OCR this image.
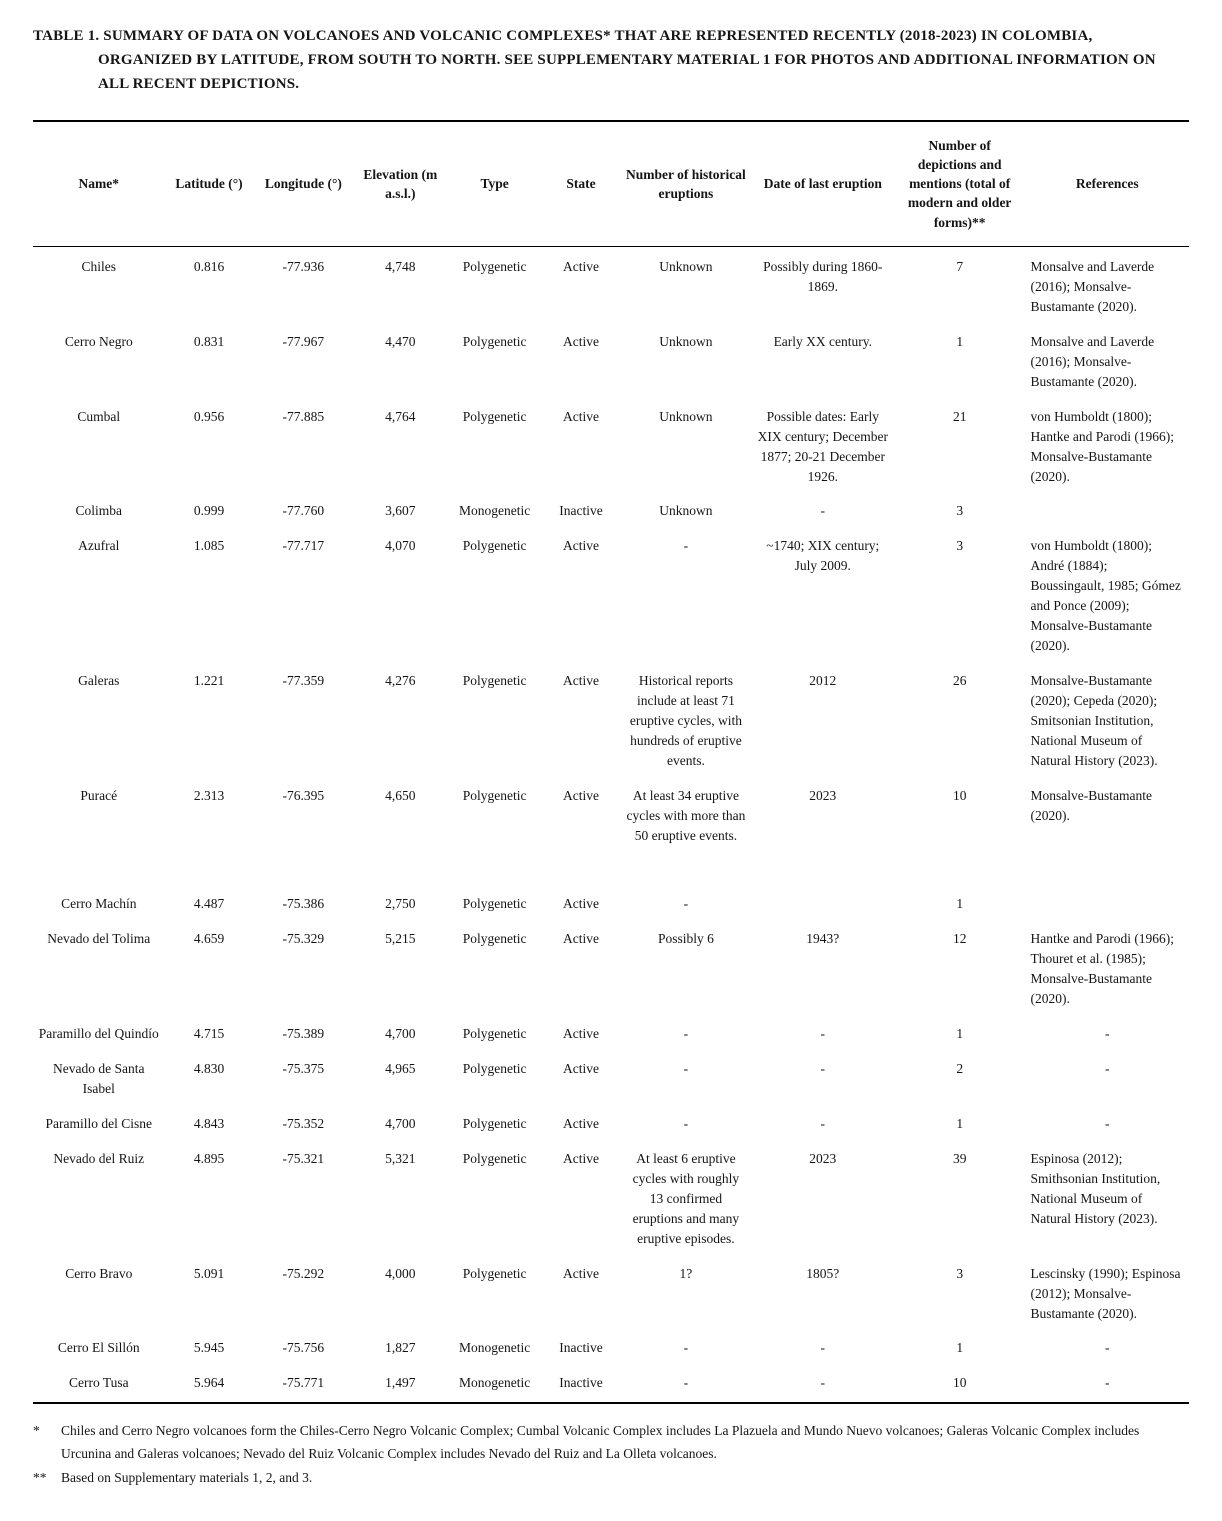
TABLE 1. SUMMARY OF DATA ON VOLCANOES AND VOLCANIC COMPLEXES* THAT ARE REPRESENTED RECENTLY (2018-2023) IN COLOMBIA, ORGANIZED BY LATITUDE, FROM SOUTH TO NORTH. SEE SUPPLEMENTARY MATERIAL 1 FOR PHOTOS AND ADDITIONAL INFORMATION ON ALL RECENT DEPICTIONS.
Name*	Latitude (°)	Longitude (°)	Elevation (m a.s.l.)	Type	State	Number of historical eruptions	Date of last eruption	Number of depictions and mentions (total of modern and older forms)**	References
Chiles	0.816	-77.936	4,748	Polygenetic	Active	Unknown	Possibly during 1860-1869.	7	Monsalve and Laverde (2016); Monsalve-Bustamante (2020).
Cerro Negro	0.831	-77.967	4,470	Polygenetic	Active	Unknown	Early XX century.	1	Monsalve and Laverde (2016); Monsalve-Bustamante (2020).
Cumbal	0.956	-77.885	4,764	Polygenetic	Active	Unknown	Possible dates: Early XIX century; December 1877; 20-21 December 1926.	21	von Humboldt (1800); Hantke and Parodi (1966); Monsalve-Bustamante (2020).
Colimba	0.999	-77.760	3,607	Monogenetic	Inactive	Unknown	-	3	
Azufral	1.085	-77.717	4,070	Polygenetic	Active	-	~1740; XIX century; July 2009.	3	von Humboldt (1800); André (1884); Boussingault, 1985; Gómez and Ponce (2009); Monsalve-Bustamante (2020).
Galeras	1.221	-77.359	4,276	Polygenetic	Active	Historical reports include at least 71 eruptive cycles, with hundreds of eruptive events.	2012	26	Monsalve-Bustamante (2020); Cepeda (2020); Smitsonian Institution, National Museum of Natural History (2023).
Puracé	2.313	-76.395	4,650	Polygenetic	Active	At least 34 eruptive cycles with more than 50 eruptive events.	2023	10	Monsalve-Bustamante (2020).
Cerro Machín	4.487	-75.386	2,750	Polygenetic	Active	-		1	
Nevado del Tolima	4.659	-75.329	5,215	Polygenetic	Active	Possibly 6	1943?	12	Hantke and Parodi (1966); Thouret et al. (1985); Monsalve-Bustamante (2020).
Paramillo del Quindío	4.715	-75.389	4,700	Polygenetic	Active	-	-	1	-
Nevado de Santa Isabel	4.830	-75.375	4,965	Polygenetic	Active	-	-	2	-
Paramillo del Cisne	4.843	-75.352	4,700	Polygenetic	Active	-	-	1	-
Nevado del Ruiz	4.895	-75.321	5,321	Polygenetic	Active	At least 6 eruptive cycles with roughly 13 confirmed eruptions and many eruptive episodes.	2023	39	Espinosa (2012); Smithsonian Institution, National Museum of Natural History (2023).
Cerro Bravo	5.091	-75.292	4,000	Polygenetic	Active	1?	1805?	3	Lescinsky (1990); Espinosa (2012); Monsalve-Bustamante (2020).
Cerro El Sillón	5.945	-75.756	1,827	Monogenetic	Inactive	-	-	1	-
Cerro Tusa	5.964	-75.771	1,497	Monogenetic	Inactive	-	-	10	-
*	Chiles and Cerro Negro volcanoes form the Chiles-Cerro Negro Volcanic Complex; Cumbal Volcanic Complex includes La Plazuela and Mundo Nuevo volcanoes; Galeras Volcanic Complex includes Urcunina and Galeras volcanoes; Nevado del Ruiz Volcanic Complex includes Nevado del Ruiz and La Olleta volcanoes.
**	Based on Supplementary materials 1, 2, and 3.
